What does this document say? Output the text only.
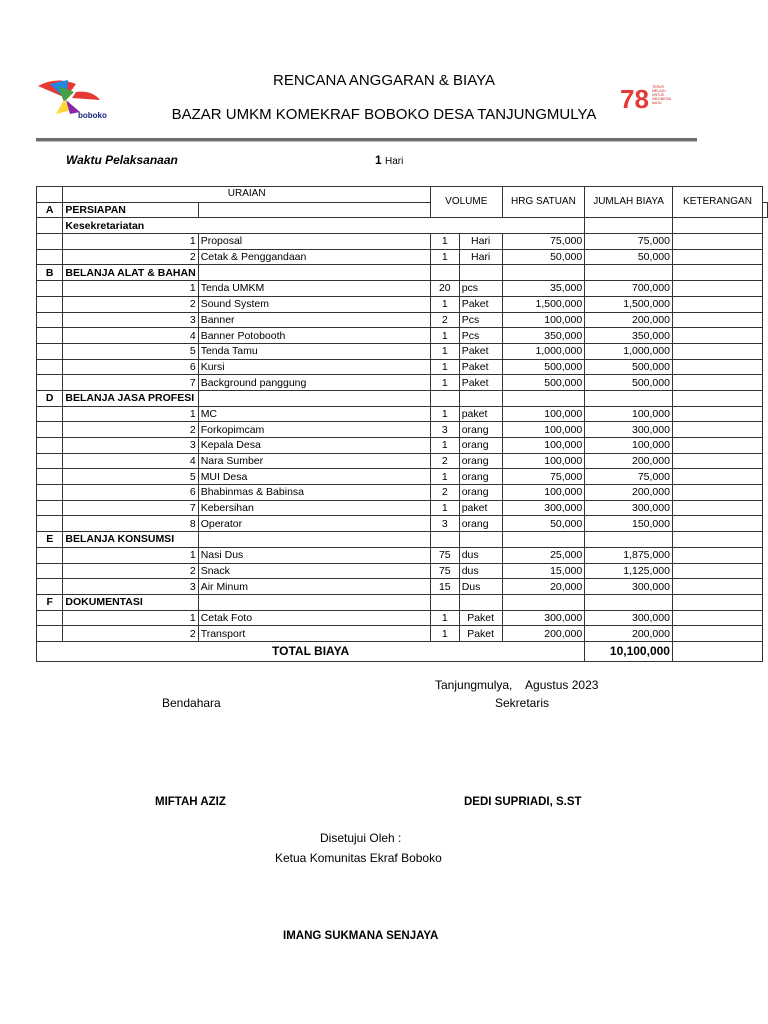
boboko
78 TERUS
MELAJU
UNTUK
INDONESIA
MAJU
RENCANA ANGGARAN & BIAYA
BAZAR UMKM KOMEKRAF BOBOKO DESA TANJUNGMULYA
Waktu Pelaksanaan	1 Hari
	URAIAN		VOLUME		HRG SATUAN	JUMLAH BIAYA	KETERANGAN	
A	PERSIAPAN							
	Kesekretariatan							
	1	Proposal	1	Hari	75,000	75,000		
	2	Cetak & Penggandaan	1	Hari	50,000	50,000		
B	BELANJA ALAT & BAHAN							
	1	Tenda UMKM	20	pcs	35,000	700,000		
	2	Sound System	1	Paket	1,500,000	1,500,000		
	3	Banner	2	Pcs	100,000	200,000		
	4	Banner Potobooth	1	Pcs	350,000	350,000		
	5	Tenda Tamu	1	Paket	1,000,000	1,000,000		
	6	Kursi	1	Paket	500,000	500,000		
	7	Background panggung	1	Paket	500,000	500,000		
D	BELANJA JASA PROFESI							
	1	MC	1	paket	100,000	100,000		
	2	Forkopimcam	3	orang	100,000	300,000		
	3	Kepala Desa	1	orang	100,000	100,000		
	4	Nara Sumber	2	orang	100,000	200,000		
	5	MUI Desa	1	orang	75,000	75,000		
	6	Bhabinmas & Babinsa	2	orang	100,000	200,000		
	7	Kebersihan	1	paket	300,000	300,000		
	8	Operator	3	orang	50,000	150,000		
E	BELANJA KONSUMSI							
	1	Nasi Dus	75	dus	25,000	1,875,000		
	2	Snack	75	dus	15,000	1,125,000		
	3	Air Minum	15	Dus	20,000	300,000		
F	DOKUMENTASI							
	1	Cetak Foto	1	Paket	300,000	300,000		
	2	Transport	1	Paket	200,000	200,000		
TOTAL BIAYA						10,100,000		
Tanjungmulya,    Agustus 2023
Bendahara	Sekretaris
MIFTAH AZIZ	DEDI SUPRIADI, S.ST
Disetujui Oleh :
Ketua Komunitas Ekraf Boboko
IMANG SUKMANA SENJAYA
